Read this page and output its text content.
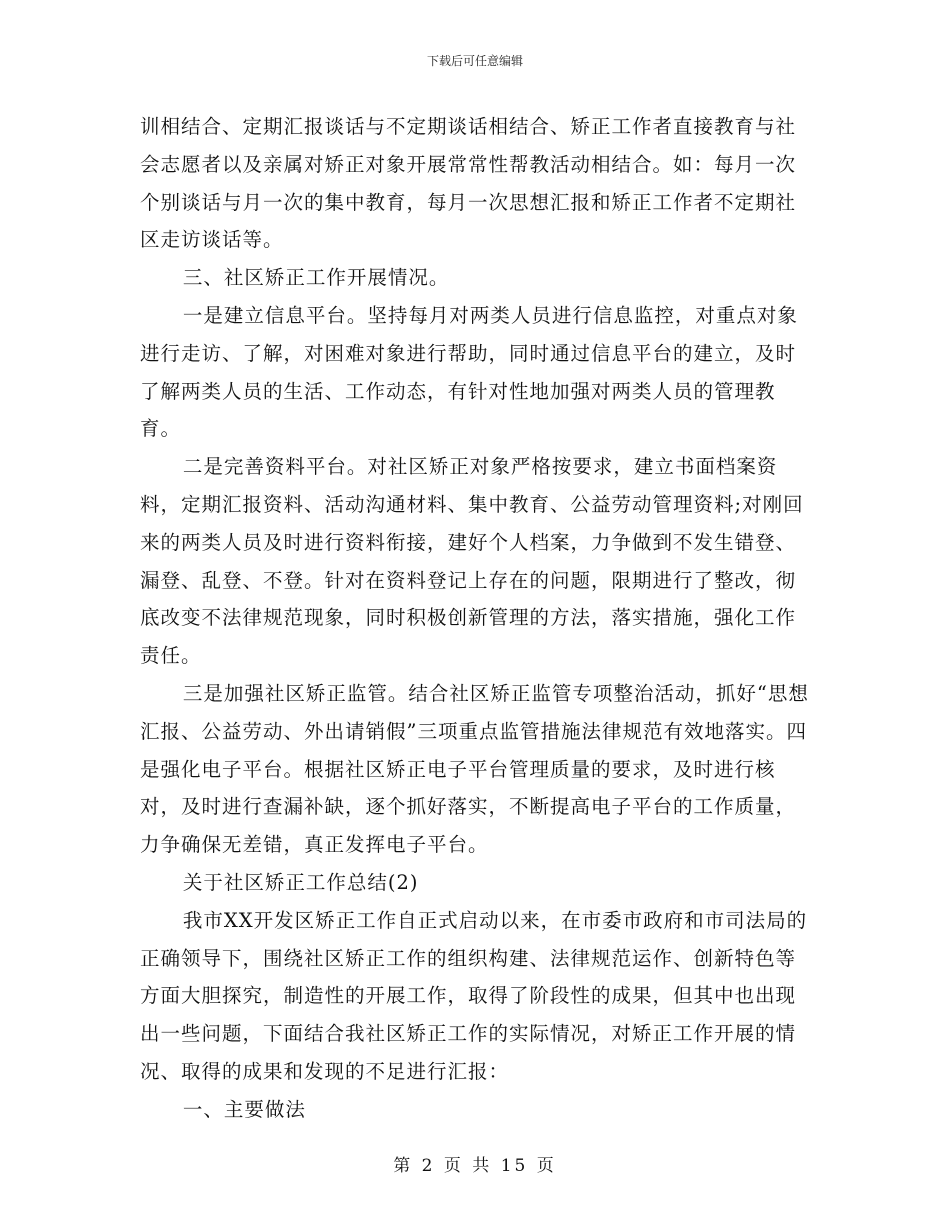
下载后可任意编辑

训相结合、定期汇报谈话与不定期谈话相结合、矫正工作者直接教育与社会志愿者以及亲属对矫正对象开展常常性帮教活动相结合。如：每月一次个别谈话与月一次的集中教育，每月一次思想汇报和矫正工作者不定期社区走访谈话等。

三、社区矫正工作开展情况。

一是建立信息平台。坚持每月对两类人员进行信息监控，对重点对象进行走访、了解，对困难对象进行帮助，同时通过信息平台的建立，及时了解两类人员的生活、工作动态，有针对性地加强对两类人员的管理教育。

二是完善资料平台。对社区矫正对象严格按要求，建立书面档案资料，定期汇报资料、活动沟通材料、集中教育、公益劳动管理资料;对刚回来的两类人员及时进行资料衔接，建好个人档案，力争做到不发生错登、漏登、乱登、不登。针对在资料登记上存在的问题，限期进行了整改，彻底改变不法律规范现象，同时积极创新管理的方法，落实措施，强化工作责任。

三是加强社区矫正监管。结合社区矫正监管专项整治活动，抓好“思想汇报、公益劳动、外出请销假”三项重点监管措施法律规范有效地落实。四是强化电子平台。根据社区矫正电子平台管理质量的要求，及时进行核对，及时进行查漏补缺，逐个抓好落实，不断提高电子平台的工作质量，力争确保无差错，真正发挥电子平台。

关于社区矫正工作总结(2)

我市XX开发区矫正工作自正式启动以来，在市委市政府和市司法局的正确领导下，围绕社区矫正工作的组织构建、法律规范运作、创新特色等方面大胆探究，制造性的开展工作，取得了阶段性的成果，但其中也出现出一些问题，下面结合我社区矫正工作的实际情况，对矫正工作开展的情况、取得的成果和发现的不足进行汇报：

一、主要做法

第 2 页 共 15 页
